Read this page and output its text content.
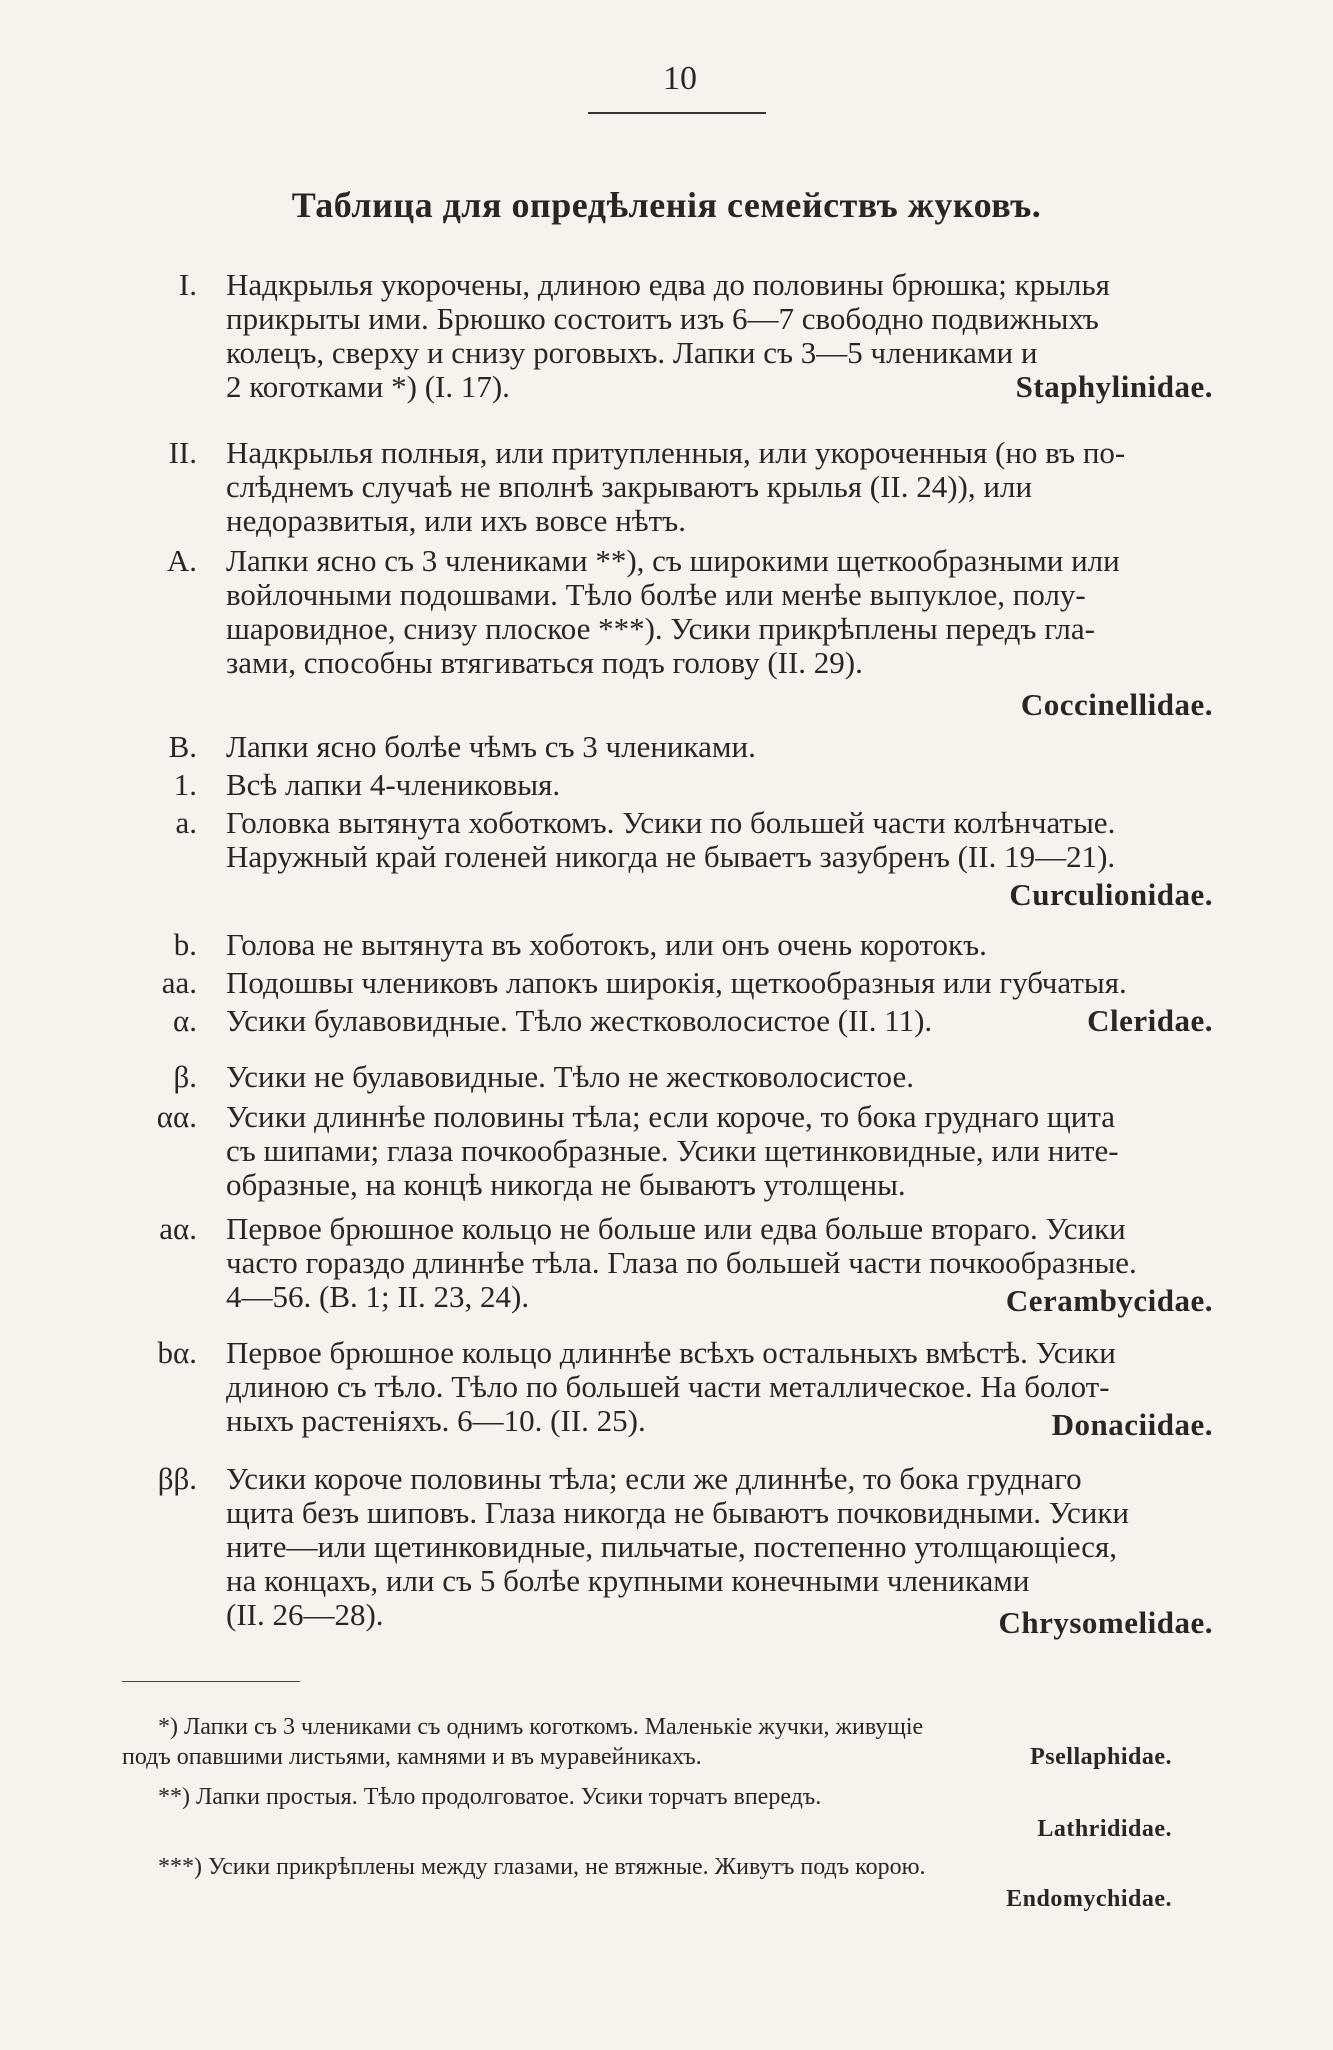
10
Таблица для опредѣленія семействъ жуковъ.
I. Надкрылья укорочены, длиною едва до половины брюшка; крылья
прикрыты ими. Брюшко состоитъ изъ 6—7 свободно подвижныхъ
колецъ, сверху и снизу роговыхъ. Лапки съ 3—5 члениками и
2 коготками *) (I. 17).	Staphylinidae.
II. Надкрылья полныя, или притупленныя, или укороченныя (но въ по-
слѣднемъ случаѣ не вполнѣ закрываютъ крылья (II. 24)), или
недоразвитыя, или ихъ вовсе нѣтъ.
A. Лапки ясно съ 3 члениками **), съ широкими щеткообразными или
войлочными подошвами. Тѣло болѣе или менѣе выпуклое, полу-
шаровидное, снизу плоское ***). Усики прикрѣплены передъ гла-
зами, способны втягиваться подъ голову (II. 29).
Coccinellidae.
B. Лапки ясно болѣе чѣмъ съ 3 члениками.
1. Всѣ лапки 4-члениковыя.
a. Головка вытянута хоботкомъ. Усики по большей части колѣнчатые.
Наружный край голеней никогда не бываетъ зазубренъ (II. 19—21).
Curculionidae.
b. Голова не вытянута въ хоботокъ, или онъ очень коротокъ.
aa. Подошвы члениковъ лапокъ широкія, щеткообразныя или губчатыя.
α. Усики булавовидные. Тѣло жестковолосистое (II. 11).	Cleridae.
β. Усики не булавовидные. Тѣло не жестковолосистое.
αα. Усики длиннѣе половины тѣла; если короче, то бока груднаго щита
съ шипами; глаза почкообразные. Усики щетинковидные, или ните-
образные, на концѣ никогда не бываютъ утолщены.
aα. Первое брюшное кольцо не больше или едва больше втораго. Усики
часто гораздо длиннѣе тѣла. Глаза по большей части почкообразные.
4—56. (B. 1; II. 23, 24).	Cerambycidae.
bα. Первое брюшное кольцо длиннѣе всѣхъ остальныхъ вмѣстѣ. Усики
длиною съ тѣло. Тѣло по большей части металлическое. На болот-
ныхъ растеніяхъ. 6—10. (II. 25).	Donaciidae.
ββ. Усики короче половины тѣла; если же длиннѣе, то бока груднаго
щита безъ шиповъ. Глаза никогда не бываютъ почковидными. Усики
ните—или щетинковидные, пильчатые, постепенно утолщающіеся,
на концахъ, или съ 5 болѣе крупными конечными члениками
(II. 26—28).	Chrysomelidae.
*) Лапки съ 3 члениками съ однимъ коготкомъ. Маленькіе жучки, живущіе
подъ опавшими листьями, камнями и въ муравейникахъ.	Psellaphidae.
**) Лапки простыя. Тѣло продолговатое. Усики торчатъ впередъ.
Lathrididae.
***) Усики прикрѣплены между глазами, не втяжные. Живутъ подъ корою.
Endomychidae.
